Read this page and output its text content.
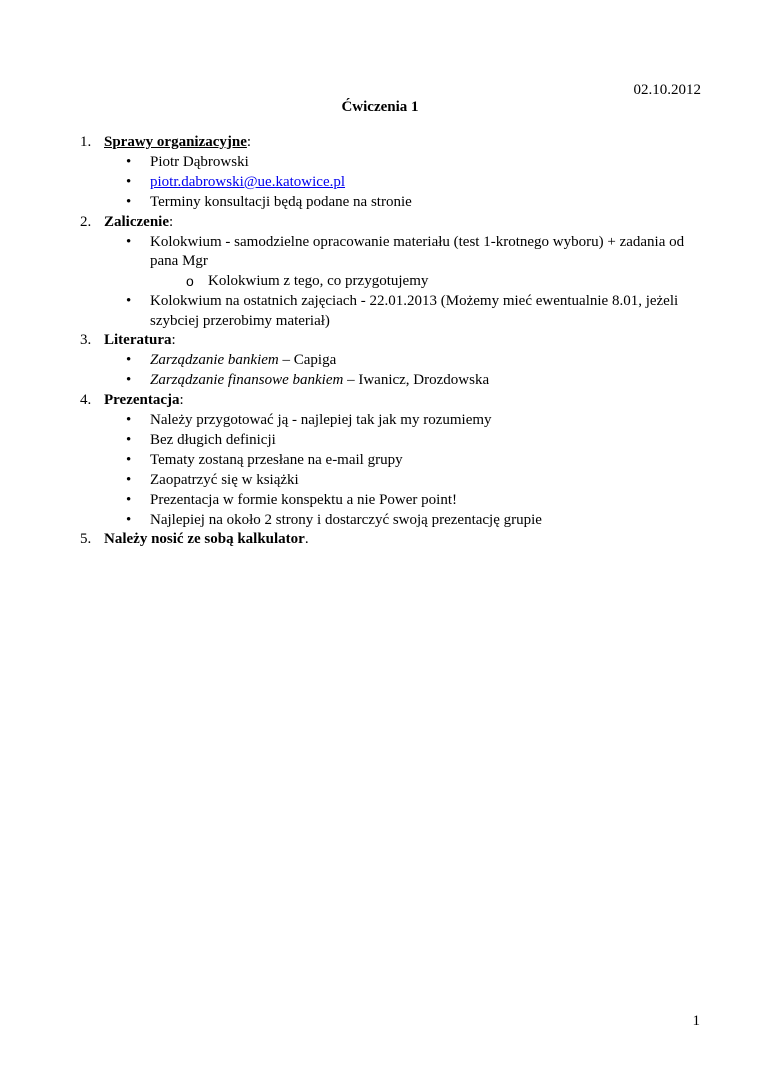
02.10.2012
Ćwiczenia 1
1. Sprawy organizacyjne:
• Piotr Dąbrowski
• piotr.dabrowski@ue.katowice.pl
• Terminy konsultacji będą podane na stronie
2. Zaliczenie:
• Kolokwium - samodzielne opracowanie materiału (test 1-krotnego wyboru) + zadania od pana Mgr
o Kolokwium z tego, co przygotujemy
• Kolokwium na ostatnich zajęciach - 22.01.2013 (Możemy mieć ewentualnie 8.01, jeżeli szybciej przerobimy materiał)
3. Literatura:
• Zarządzanie bankiem – Capiga
• Zarządzanie finansowe bankiem – Iwanicz, Drozdowska
4. Prezentacja:
• Należy przygotować ją - najlepiej tak jak my rozumiemy
• Bez długich definicji
• Tematy zostaną przesłane na e-mail grupy
• Zaopatrzyć się w książki
• Prezentacja w formie konspektu a nie Power point!
• Najlepiej na około 2 strony i dostarczyć swoją prezentację grupie
5. Należy nosić ze sobą kalkulator.
1
